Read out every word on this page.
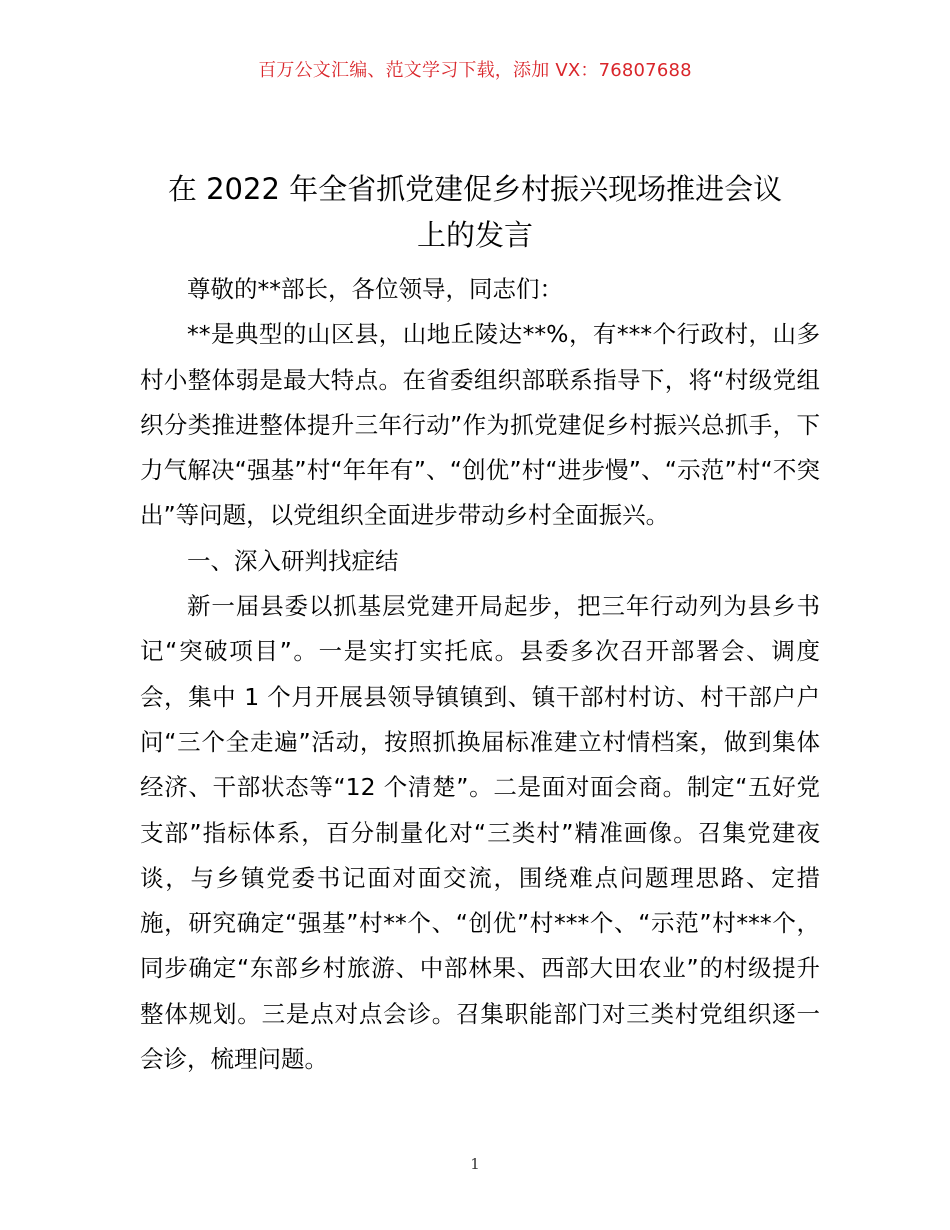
百万公文汇编、范文学习下载，添加 VX：76807688
在 2022 年全省抓党建促乡村振兴现场推进会议
上的发言

尊敬的**部长，各位领导，同志们：

**是典型的山区县，山地丘陵达**%，有***个行政村，山多村小整体弱是最大特点。在省委组织部联系指导下，将“村级党组织分类推进整体提升三年行动”作为抓党建促乡村振兴总抓手，下力气解决“强基”村“年年有”、“创优”村“进步慢”、“示范”村“不突出”等问题，以党组织全面进步带动乡村全面振兴。

一、深入研判找症结

新一届县委以抓基层党建开局起步，把三年行动列为县乡书记“突破项目”。一是实打实托底。县委多次召开部署会、调度会，集中 1 个月开展县领导镇镇到、镇干部村村访、村干部户户问“三个全走遍”活动，按照抓换届标准建立村情档案，做到集体经济、干部状态等“12 个清楚”。二是面对面会商。制定“五好党支部”指标体系，百分制量化对“三类村”精准画像。召集党建夜谈，与乡镇党委书记面对面交流，围绕难点问题理思路、定措施，研究确定“强基”村**个、“创优”村***个、“示范”村***个，同步确定“东部乡村旅游、中部林果、西部大田农业”的村级提升整体规划。三是点对点会诊。召集职能部门对三类村党组织逐一会诊，梳理问题。

1
